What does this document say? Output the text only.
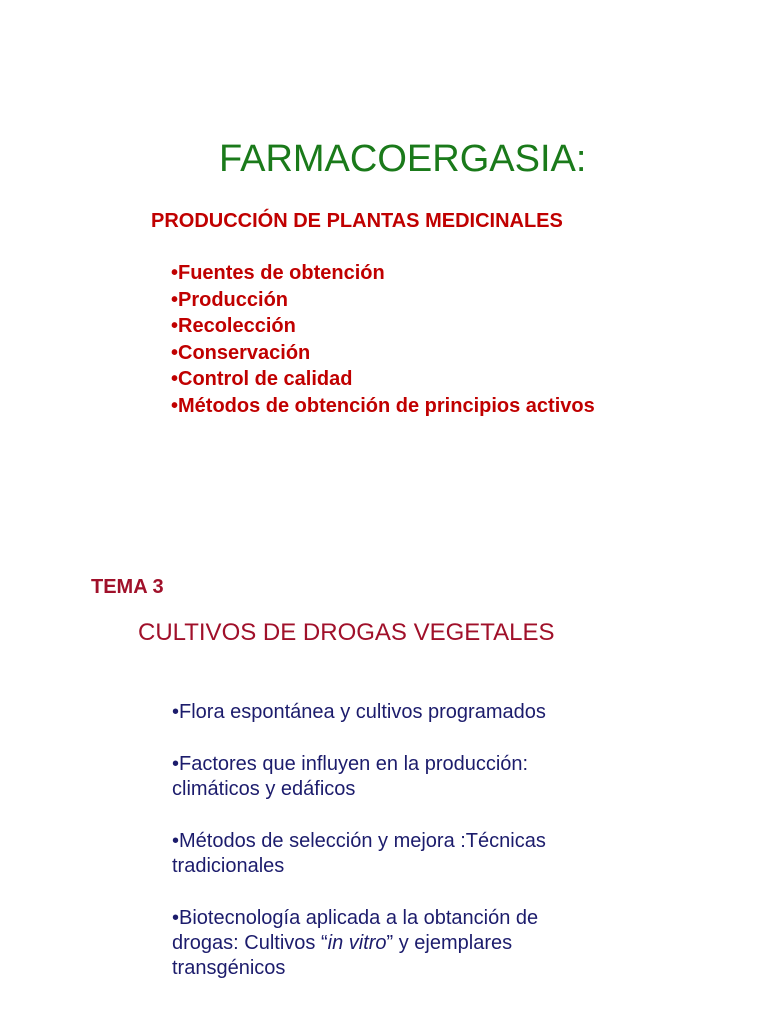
FARMACOERGASIA:
PRODUCCIÓN DE PLANTAS MEDICINALES
•Fuentes de obtención
•Producción
•Recolección
•Conservación
•Control de calidad
•Métodos de obtención de principios activos
TEMA 3
CULTIVOS DE DROGAS VEGETALES
•Flora espontánea y cultivos programados
•Factores que influyen en la producción:
climáticos y edáficos
•Métodos de selección y mejora :Técnicas
tradicionales
•Biotecnología aplicada a la obtanción de
drogas: Cultivos “in vitro” y ejemplares
transgénicos
